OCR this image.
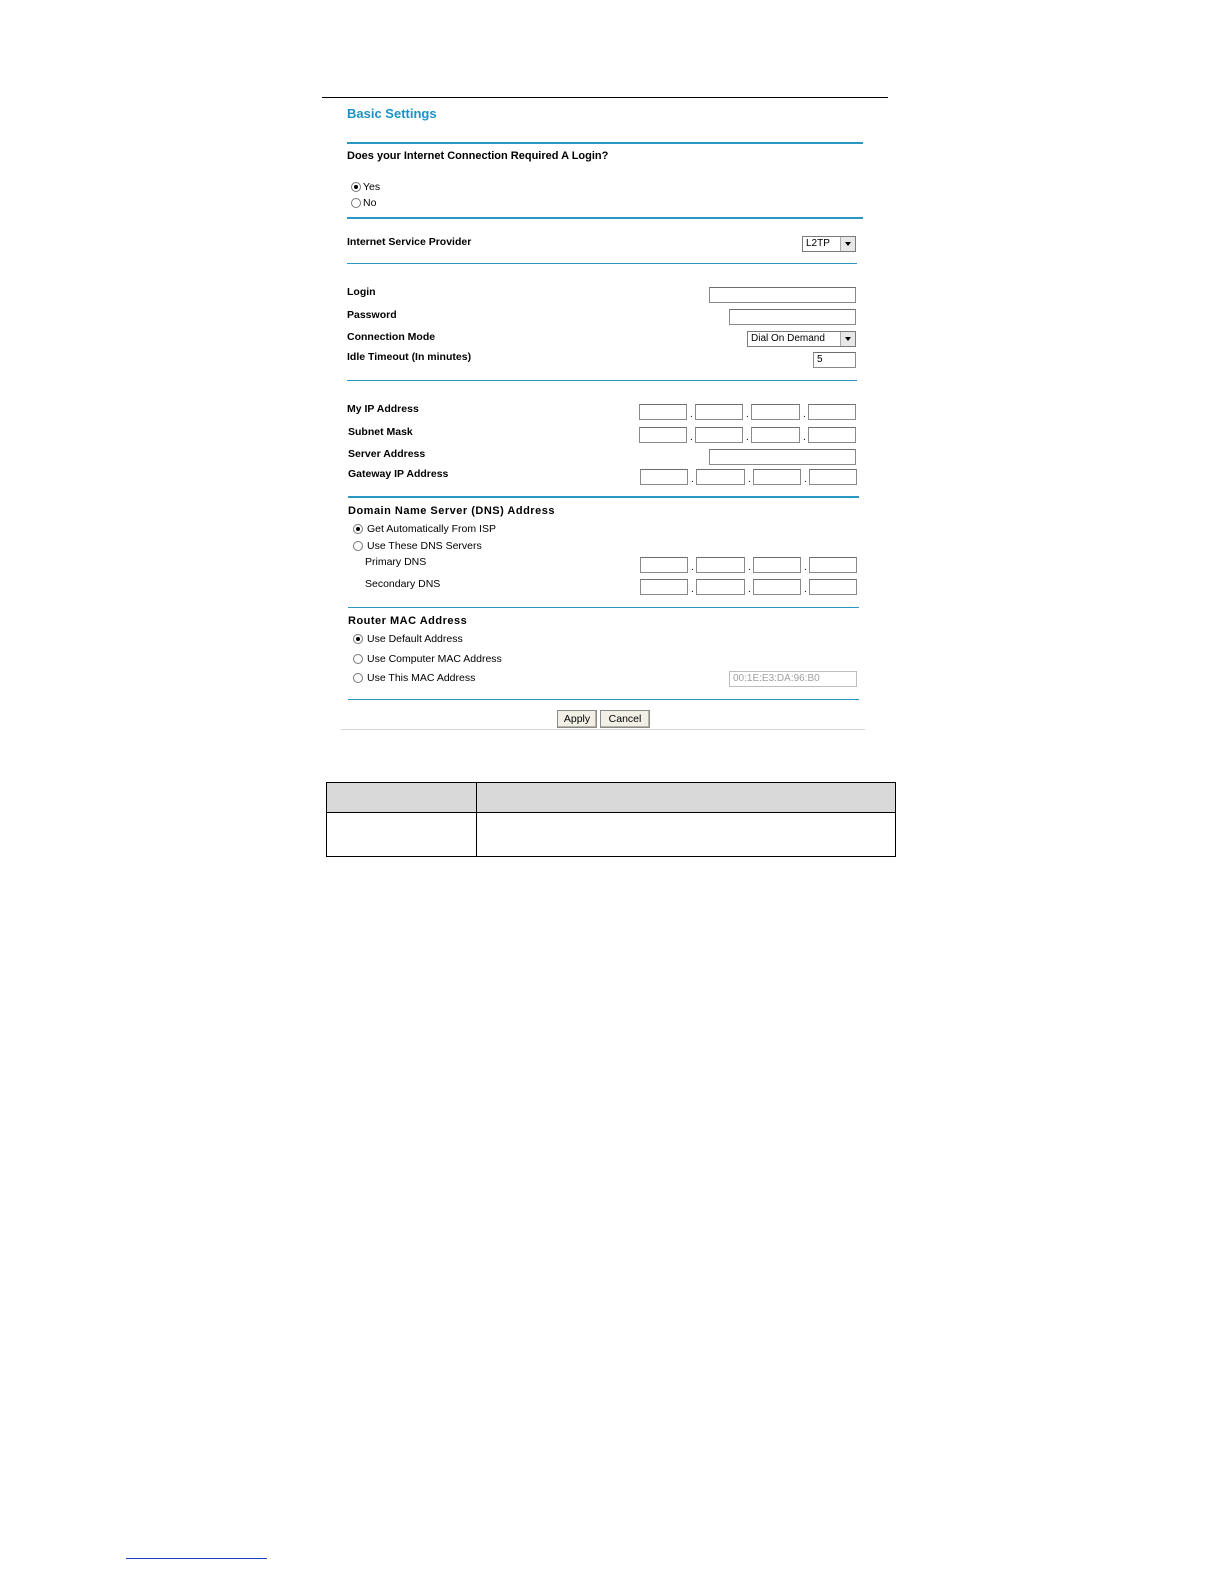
Basic Settings
Does your Internet Connection Required A Login?
Yes
No
Internet Service Provider	L2TP
Login
Password
Connection Mode	Dial On Demand
Idle Timeout (In minutes)	5
My IP Address	.	.	.
Subnet Mask	.	.	.
Server Address
Gateway IP Address	.	.	.
Domain Name Server (DNS) Address
Get Automatically From ISP
Use These DNS Servers
Primary DNS	.	.	.
Secondary DNS	.	.	.
Router MAC Address
Use Default Address
Use Computer MAC Address
Use This MAC Address	00:1E:E3:DA:96:B0
Apply	Cancel
